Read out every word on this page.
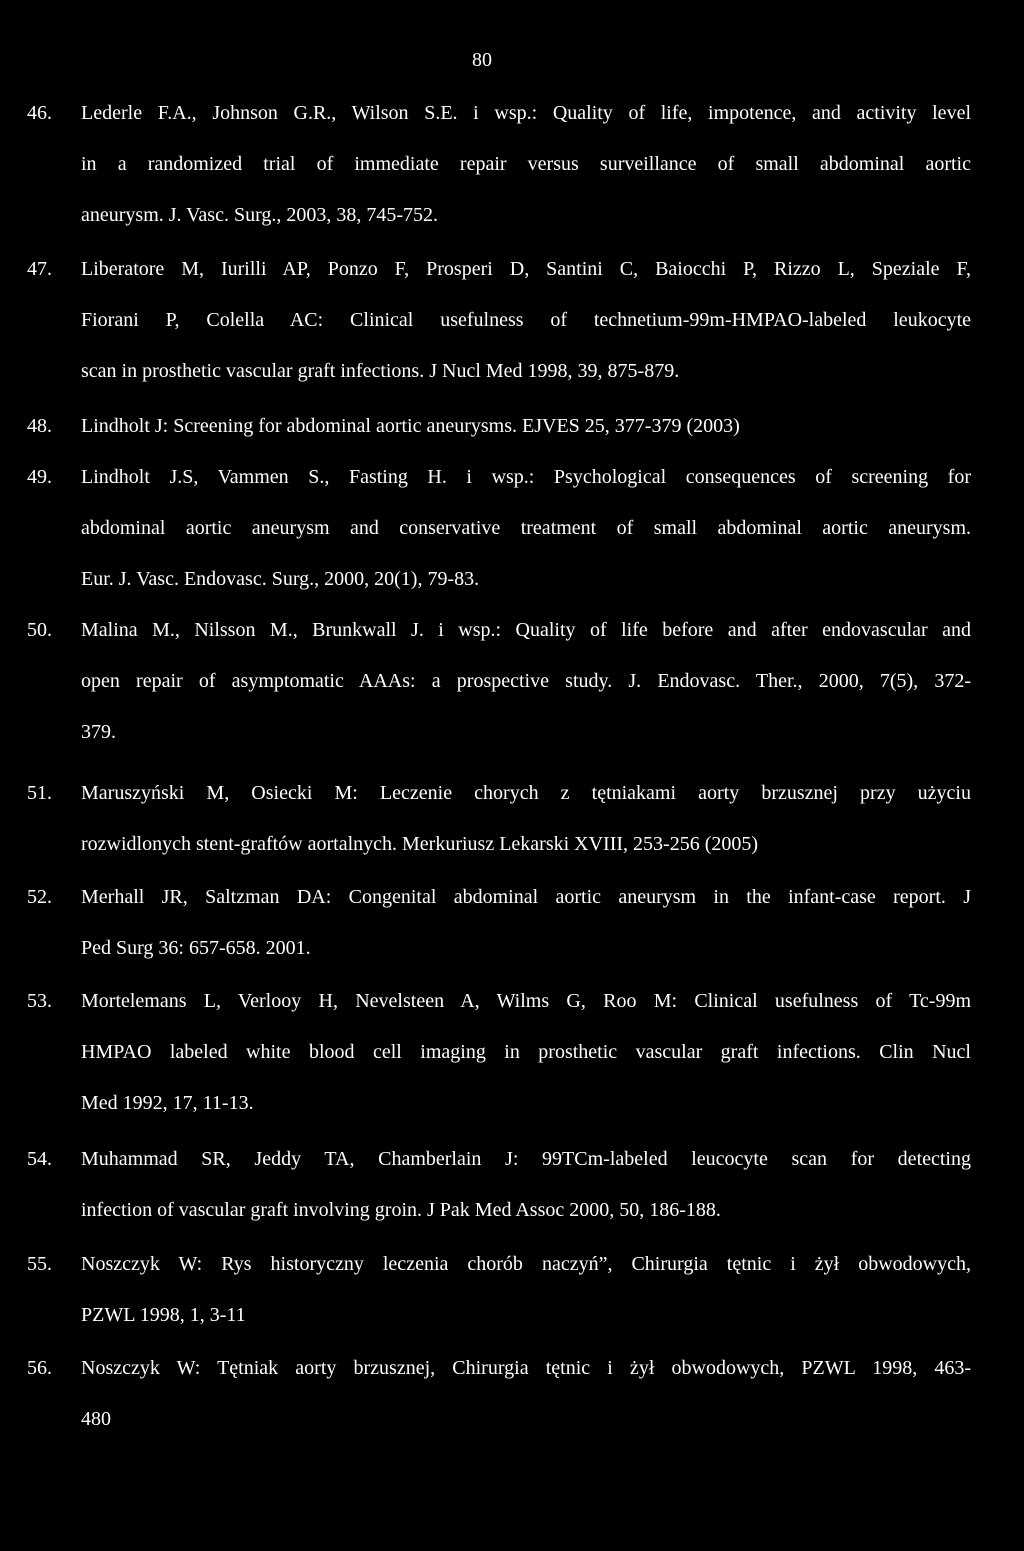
80
46.	Lederle F.A., Johnson G.R., Wilson S.E. i wsp.: Quality of life, impotence, and activity level
in a randomized trial of immediate repair versus surveillance of small abdominal aortic
aneurysm. J. Vasc. Surg., 2003, 38, 745-752.
47.	Liberatore M, Iurilli AP, Ponzo F, Prosperi D, Santini C, Baiocchi P, Rizzo L, Speziale F,
Fiorani P, Colella AC: Clinical usefulness of technetium-99m-HMPAO-labeled leukocyte
scan in prosthetic vascular graft infections. J Nucl Med 1998, 39, 875-879.
48.	Lindholt J: Screening for abdominal aortic aneurysms. EJVES 25, 377-379 (2003)
49.	Lindholt J.S, Vammen S., Fasting H. i wsp.: Psychological consequences of screening for
abdominal aortic aneurysm and conservative treatment of small abdominal aortic aneurysm.
Eur. J. Vasc. Endovasc. Surg., 2000, 20(1), 79-83.
50.	Malina M., Nilsson M., Brunkwall J. i wsp.: Quality of life before and after endovascular and
open repair of asymptomatic AAAs: a prospective study. J. Endovasc. Ther., 2000, 7(5), 372-
379.
51.	Maruszyński M, Osiecki M: Leczenie chorych z tętniakami aorty brzusznej przy użyciu
rozwidlonych stent-graftów aortalnych. Merkuriusz Lekarski XVIII, 253-256 (2005)
52.	Merhall JR, Saltzman DA: Congenital abdominal aortic aneurysm in the infant-case report. J
Ped Surg 36: 657-658. 2001.
53.	Mortelemans L, Verlooy H, Nevelsteen A, Wilms G, Roo M: Clinical usefulness of Tc-99m
HMPAO labeled white blood cell imaging in prosthetic vascular graft infections. Clin Nucl
Med 1992, 17, 11-13.
54.	Muhammad SR, Jeddy TA, Chamberlain J: 99TCm-labeled leucocyte scan for detecting
infection of vascular graft involving groin. J Pak Med Assoc 2000, 50, 186-188.
55.	Noszczyk W: Rys historyczny leczenia chorób naczyń”, Chirurgia tętnic i żył obwodowych,
PZWL 1998, 1, 3-11
56.	Noszczyk W: Tętniak aorty brzusznej, Chirurgia tętnic i żył obwodowych, PZWL 1998, 463-
480
